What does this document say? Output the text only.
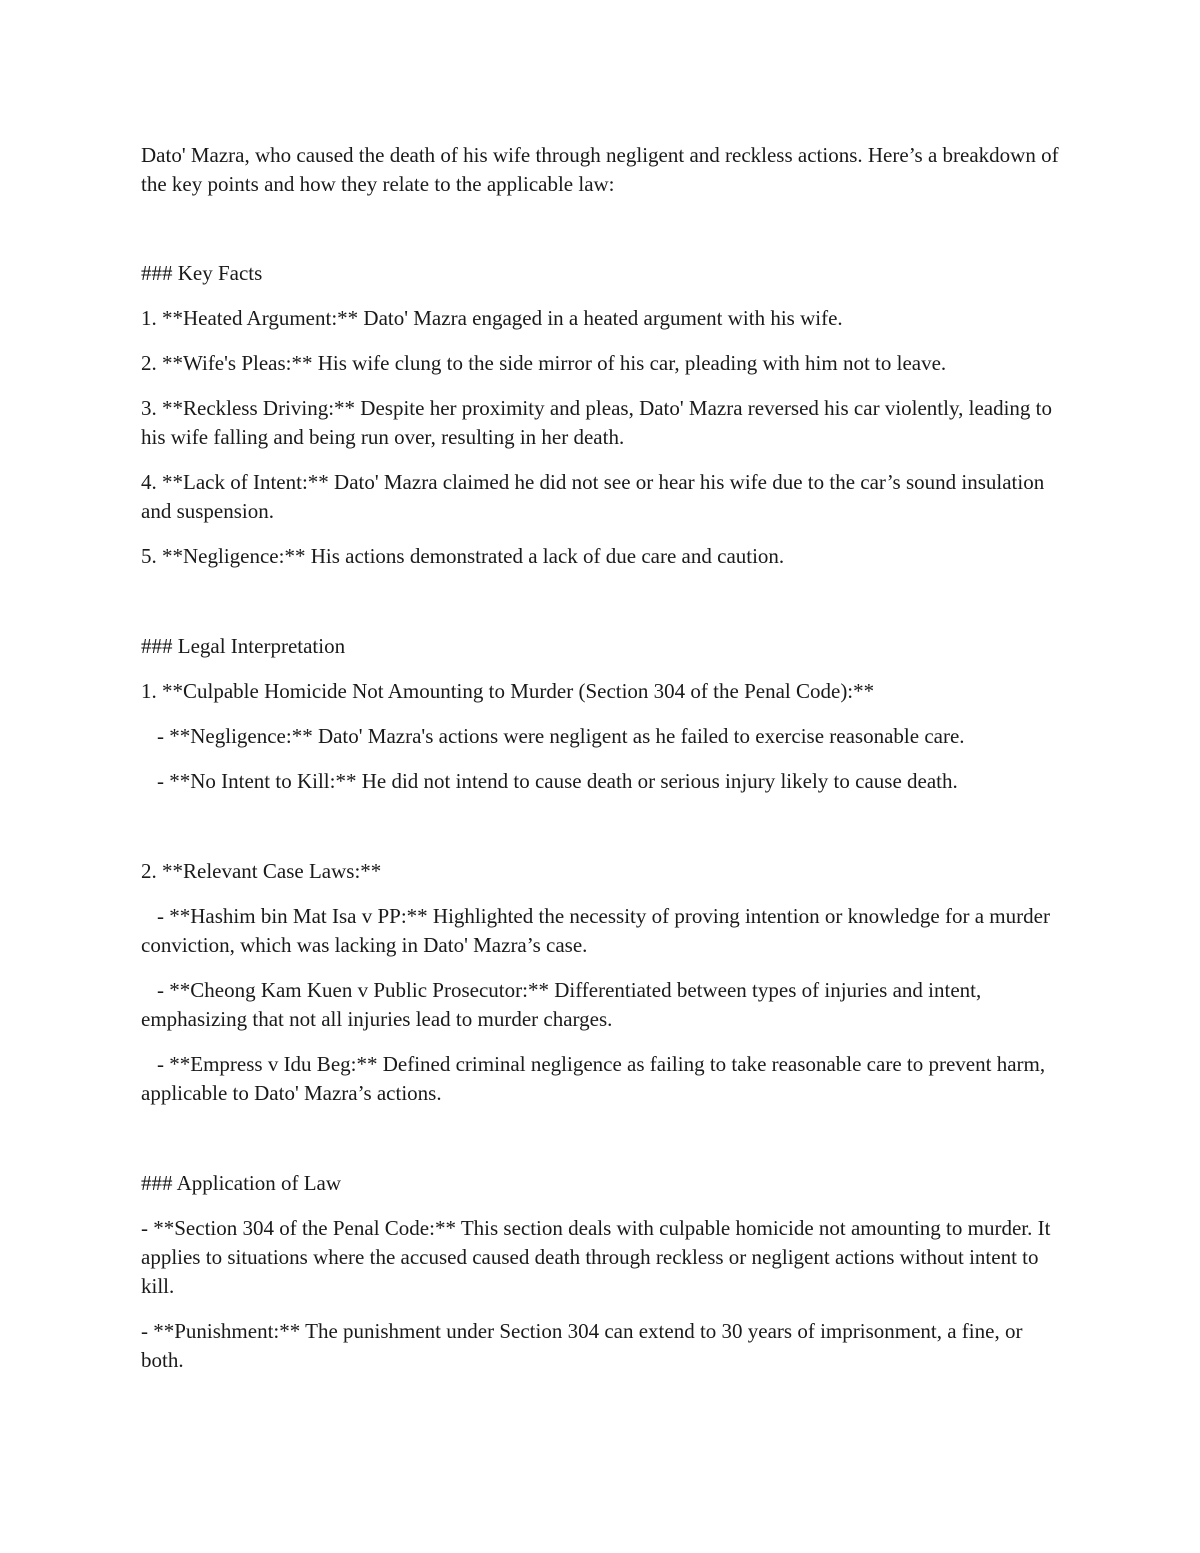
Dato' Mazra, who caused the death of his wife through negligent and reckless actions. Here’s a breakdown of the key points and how they relate to the applicable law:

### Key Facts

1. **Heated Argument:** Dato' Mazra engaged in a heated argument with his wife.

2. **Wife's Pleas:** His wife clung to the side mirror of his car, pleading with him not to leave.

3. **Reckless Driving:** Despite her proximity and pleas, Dato' Mazra reversed his car violently, leading to his wife falling and being run over, resulting in her death.

4. **Lack of Intent:** Dato' Mazra claimed he did not see or hear his wife due to the car’s sound insulation and suspension.

5. **Negligence:** His actions demonstrated a lack of due care and caution.

### Legal Interpretation

1. **Culpable Homicide Not Amounting to Murder (Section 304 of the Penal Code):**

- **Negligence:** Dato' Mazra's actions were negligent as he failed to exercise reasonable care.

- **No Intent to Kill:** He did not intend to cause death or serious injury likely to cause death.

2. **Relevant Case Laws:**

- **Hashim bin Mat Isa v PP:** Highlighted the necessity of proving intention or knowledge for a murder conviction, which was lacking in Dato' Mazra’s case.

- **Cheong Kam Kuen v Public Prosecutor:** Differentiated between types of injuries and intent, emphasizing that not all injuries lead to murder charges.

- **Empress v Idu Beg:** Defined criminal negligence as failing to take reasonable care to prevent harm, applicable to Dato' Mazra’s actions.

### Application of Law

- **Section 304 of the Penal Code:** This section deals with culpable homicide not amounting to murder. It applies to situations where the accused caused death through reckless or negligent actions without intent to kill.

- **Punishment:** The punishment under Section 304 can extend to 30 years of imprisonment, a fine, or both.
